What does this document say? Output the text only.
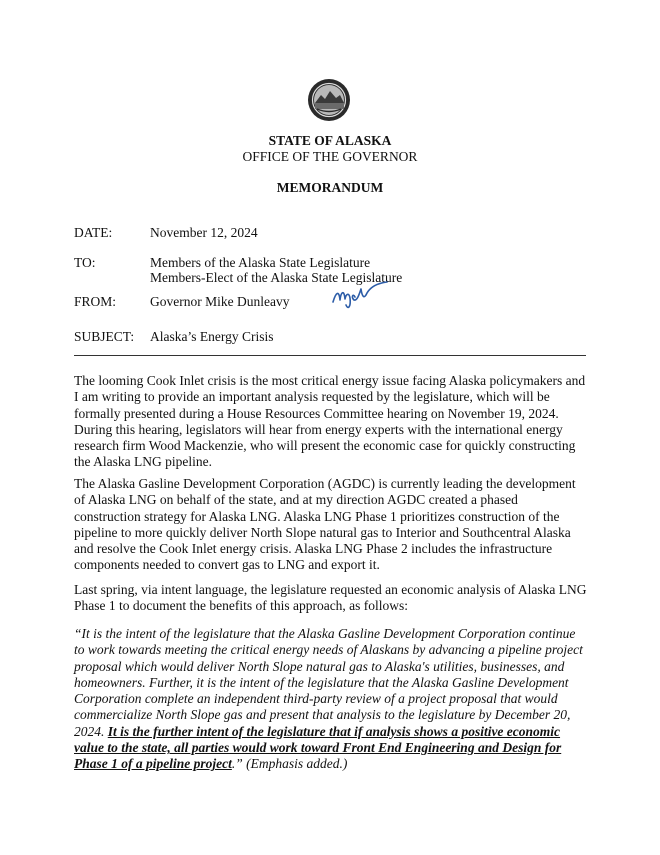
STATE OF ALASKA
OFFICE OF THE GOVERNOR
MEMORANDUM
DATE:	November 12, 2024
TO:	Members of the Alaska State Legislature
Members-Elect of the Alaska State Legislature
FROM:	Governor Mike Dunleavy
SUBJECT: Alaska’s Energy Crisis

The looming Cook Inlet crisis is the most critical energy issue facing Alaska policymakers and I am writing to provide an important analysis requested by the legislature, which will be formally presented during a House Resources Committee hearing on November 19, 2024. During this hearing, legislators will hear from energy experts with the international energy research firm Wood Mackenzie, who will present the economic case for quickly constructing the Alaska LNG pipeline.

The Alaska Gasline Development Corporation (AGDC) is currently leading the development of Alaska LNG on behalf of the state, and at my direction AGDC created a phased construction strategy for Alaska LNG. Alaska LNG Phase 1 prioritizes construction of the pipeline to more quickly deliver North Slope natural gas to Interior and Southcentral Alaska and resolve the Cook Inlet energy crisis. Alaska LNG Phase 2 includes the infrastructure components needed to convert gas to LNG and export it.

Last spring, via intent language, the legislature requested an economic analysis of Alaska LNG Phase 1 to document the benefits of this approach, as follows:

“It is the intent of the legislature that the Alaska Gasline Development Corporation continue to work towards meeting the critical energy needs of Alaskans by advancing a pipeline project proposal which would deliver North Slope natural gas to Alaska's utilities, businesses, and homeowners. Further, it is the intent of the legislature that the Alaska Gasline Development Corporation complete an independent third-party review of a project proposal that would commercialize North Slope gas and present that analysis to the legislature by December 20, 2024. It is the further intent of the legislature that if analysis shows a positive economic value to the state, all parties would work toward Front End Engineering and Design for Phase 1 of a pipeline project.” (Emphasis added.)
